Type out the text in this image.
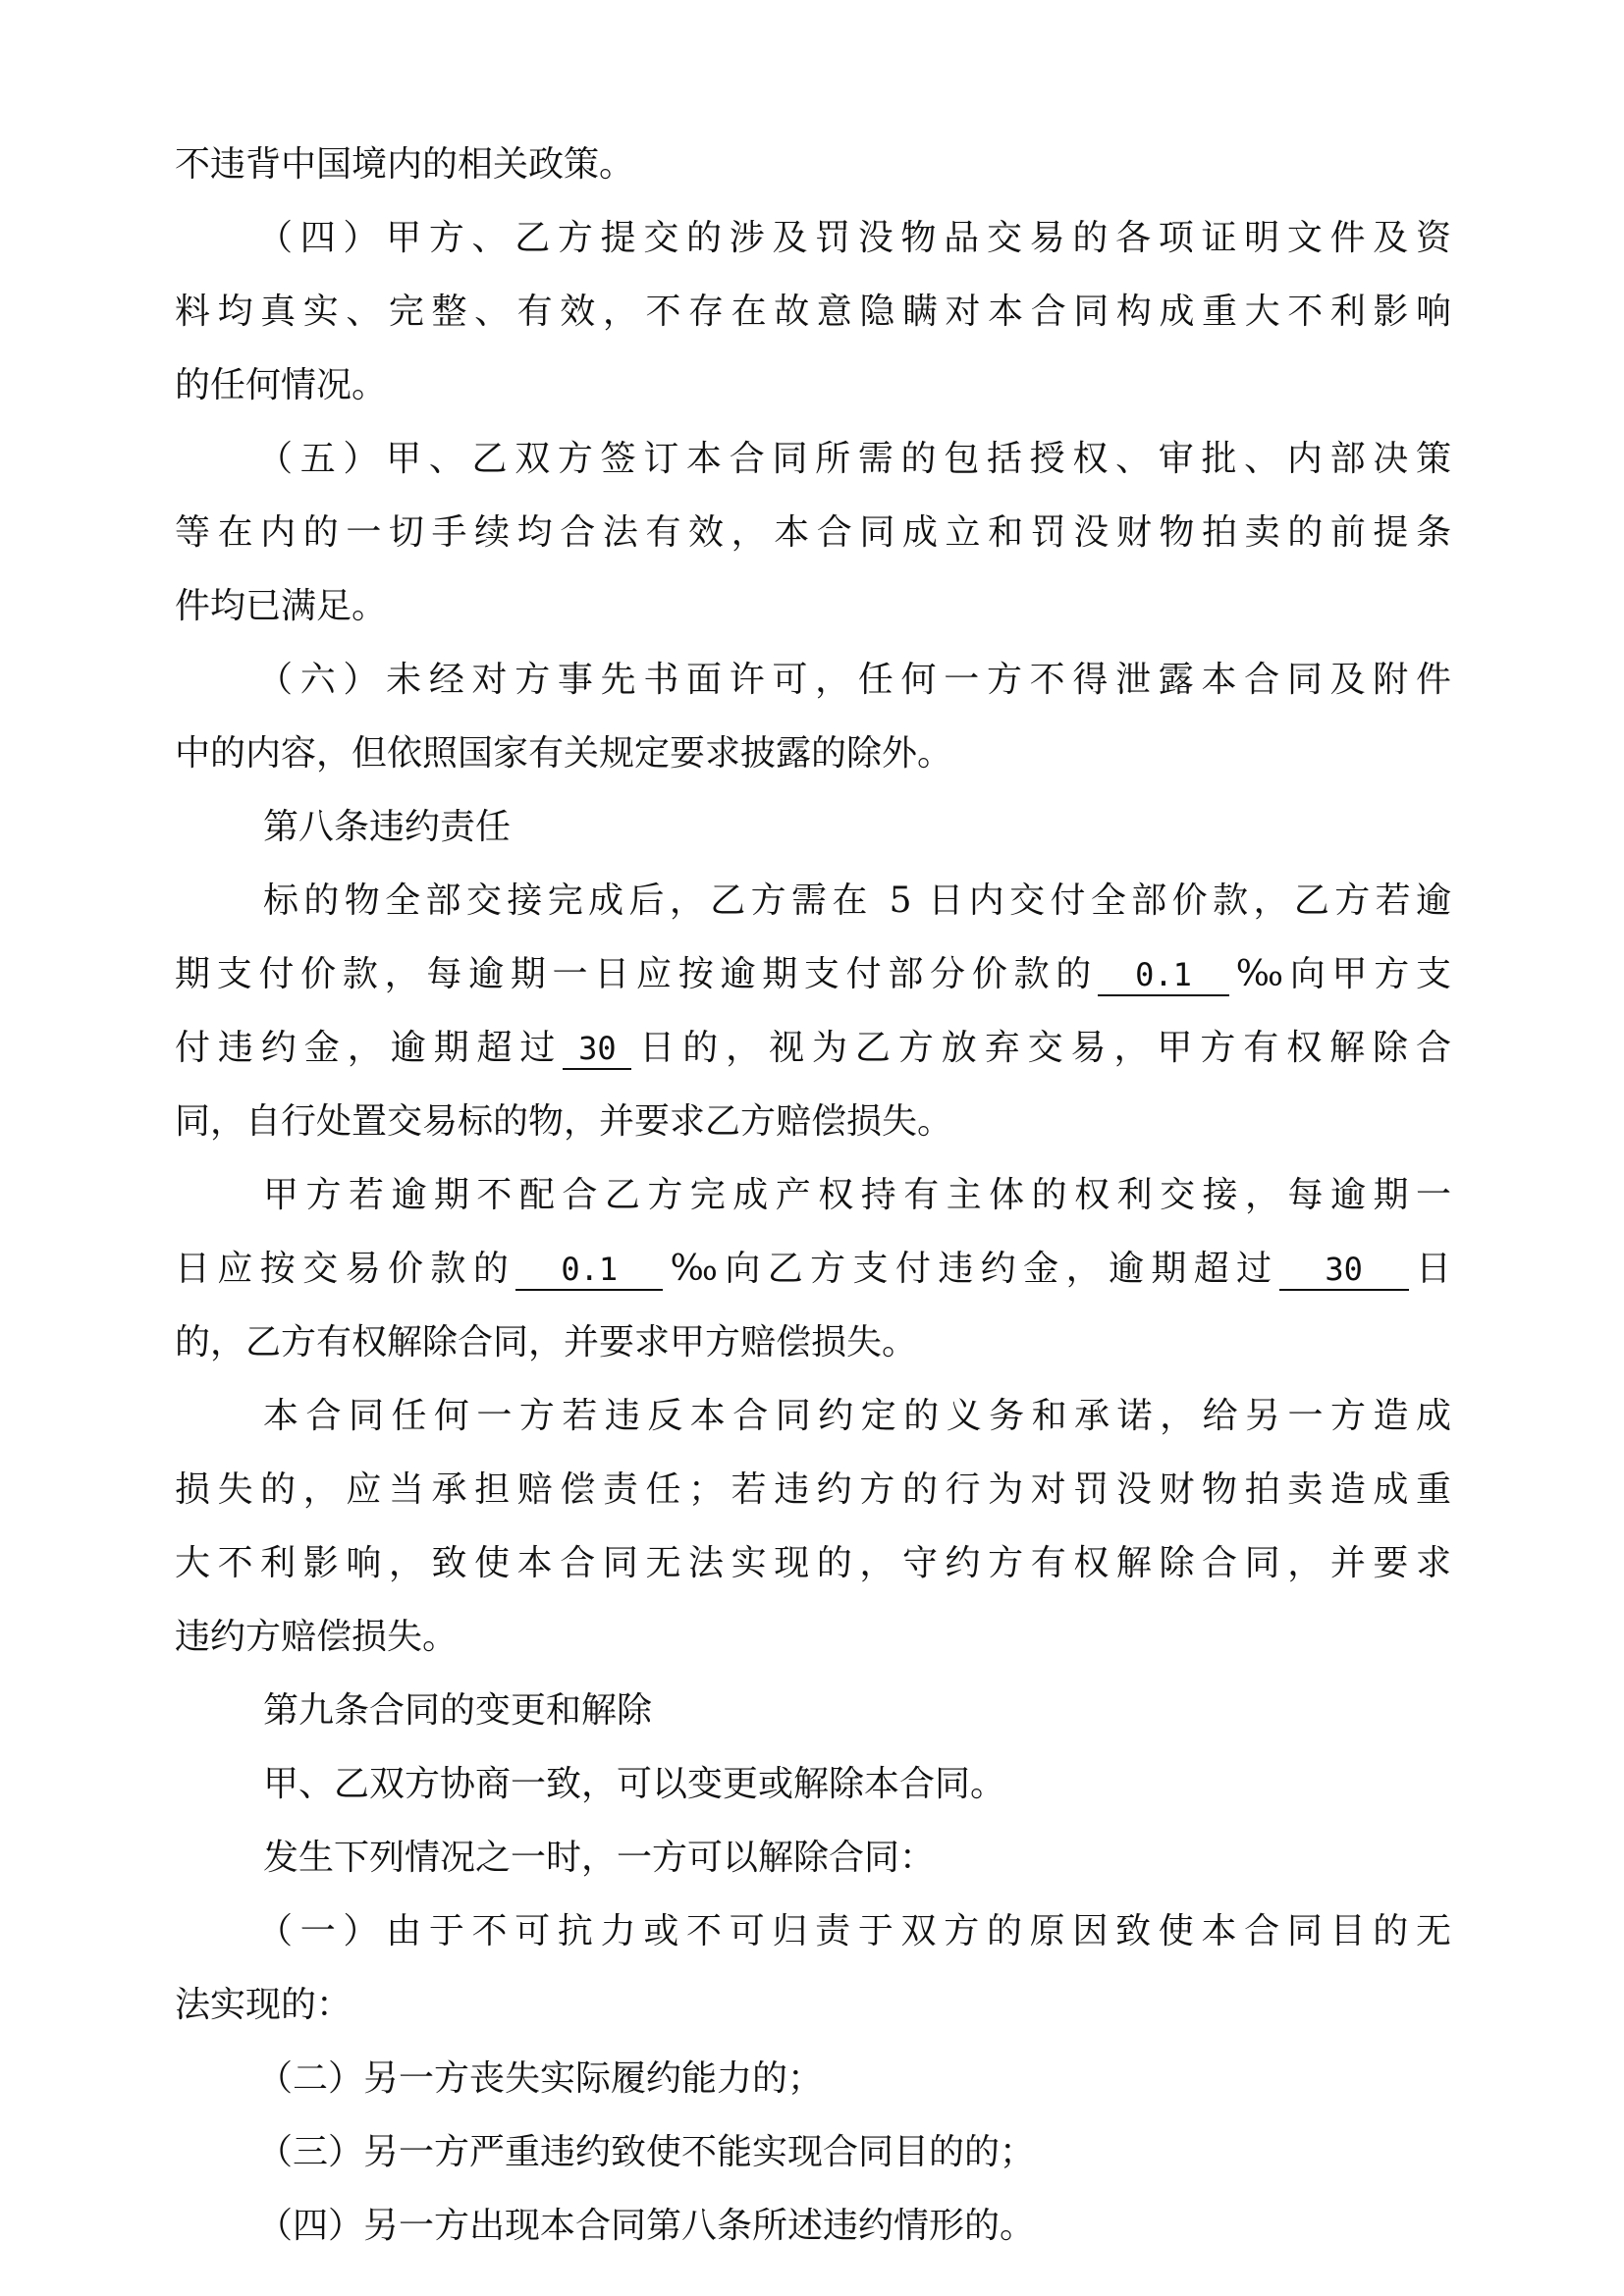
不违背中国境内的相关政策。
（四）甲方、乙方提交的涉及罚没物品交易的各项证明文件及资
料均真实、完整、有效，不存在故意隐瞒对本合同构成重大不利影响
的任何情况。
（五）甲、乙双方签订本合同所需的包括授权、审批、内部决策
等在内的一切手续均合法有效，本合同成立和罚没财物拍卖的前提条
件均已满足。
（六）未经对方事先书面许可，任何一方不得泄露本合同及附件
中的内容，但依照国家有关规定要求披露的除外。
第八条违约责任
标的物全部交接完成后，乙方需在 5 日内交付全部价款，乙方若逾
期支付价款，每逾期一日应按逾期支付部分价款的 0.1 ‰向甲方支
付违约金，逾期超过 30 日的，视为乙方放弃交易，甲方有权解除合
同，自行处置交易标的物，并要求乙方赔偿损失。
甲方若逾期不配合乙方完成产权持有主体的权利交接，每逾期一
日应按交易价款的 0.1 ‰向乙方支付违约金，逾期超过 30 日
的，乙方有权解除合同，并要求甲方赔偿损失。
本合同任何一方若违反本合同约定的义务和承诺，给另一方造成
损失的，应当承担赔偿责任；若违约方的行为对罚没财物拍卖造成重
大不利影响，致使本合同无法实现的，守约方有权解除合同，并要求
违约方赔偿损失。
第九条合同的变更和解除
甲、乙双方协商一致，可以变更或解除本合同。
发生下列情况之一时，一方可以解除合同：
（一）由于不可抗力或不可归责于双方的原因致使本合同目的无
法实现的：
（二）另一方丧失实际履约能力的；
（三）另一方严重违约致使不能实现合同目的的；
（四）另一方出现本合同第八条所述违约情形的。
